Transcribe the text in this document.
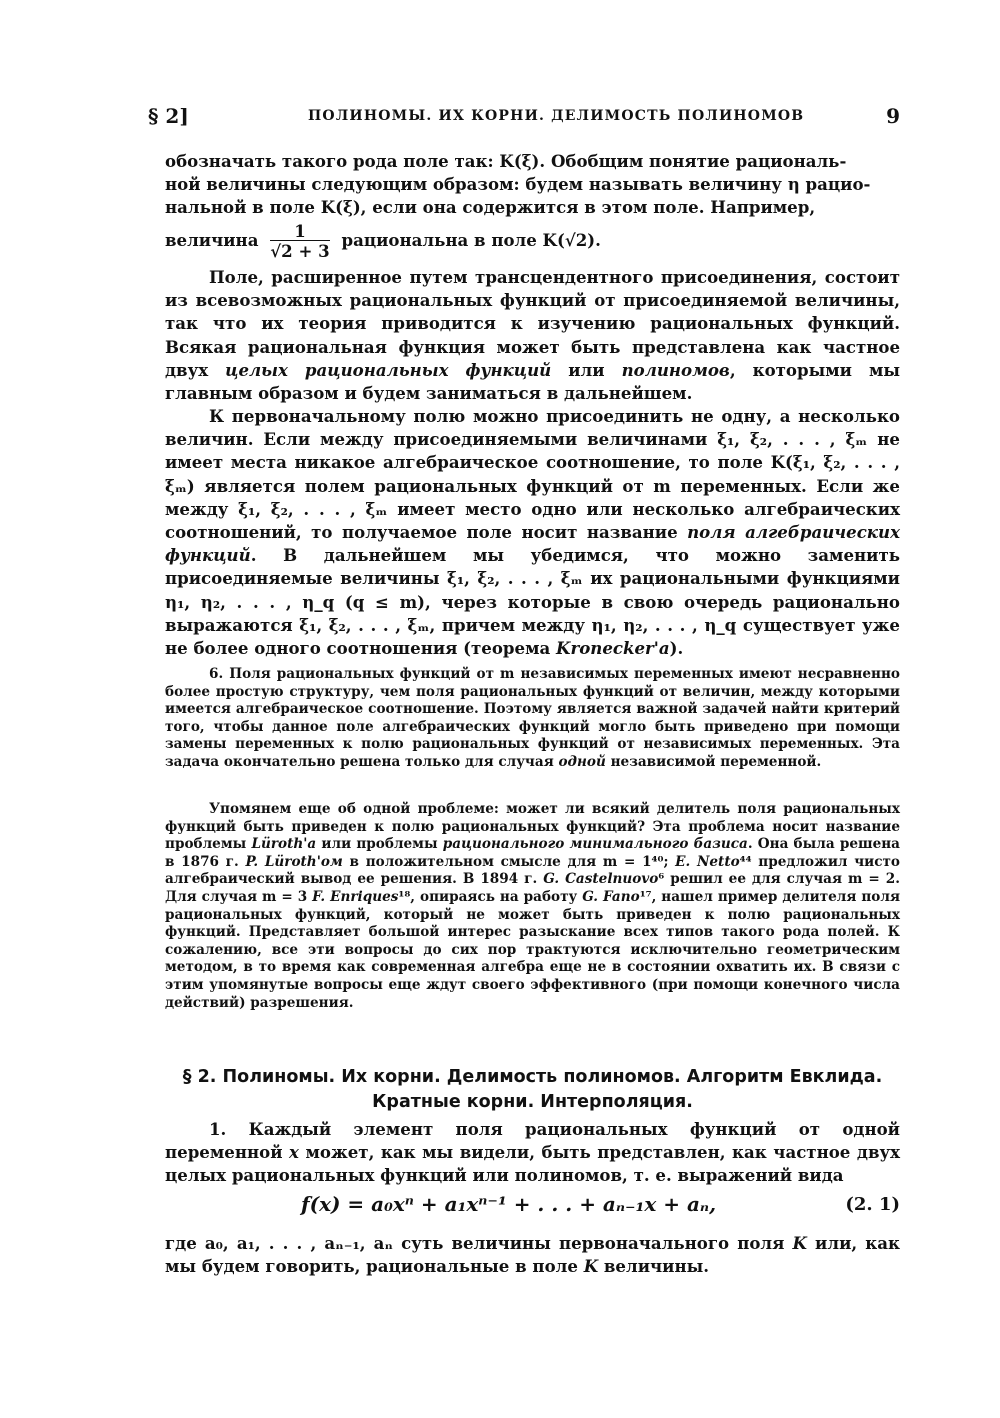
§ 2]	ПОЛИНОМЫ. ИХ КОРНИ. ДЕЛИМОСТЬ ПОЛИНОМОВ	9
обозначать такого рода поле так: K(ξ). Обобщим понятие рациональ-
ной величины следующим образом: будем называть величину η рацио-
нальной в поле K(ξ), если она содержится в этом поле. Например,
величина $\frac{1}{√2 + 3}$ рациональна в поле K(√2).
Поле, расширенное путем трансцендентного присоединения, состоит из всевозможных рациональных функций от присоединяемой величины, так что их теория приводится к изучению рациональных функций. Всякая рациональная функция может быть представлена как частное двух целых рациональных функций или полиномов, которыми мы главным образом и будем заниматься в дальнейшем.
К первоначальному полю можно присоединить не одну, а несколько величин. Если между присоединяемыми величинами ξ₁, ξ₂, . . . , ξₘ не имеет места никакое алгебраическое соотношение, то поле K(ξ₁, ξ₂, . . . , ξₘ) является полем рациональных функций от m переменных. Если же между ξ₁, ξ₂, . . . , ξₘ имеет место одно или несколько алгебраических соотношений, то получаемое поле носит название поля алгебраических функций. В дальнейшем мы убедимся, что можно заменить присоединяемые величины ξ₁, ξ₂, . . . , ξₘ их рациональными функциями η₁, η₂, . . . , η_q (q ≤ m), через которые в свою очередь рационально выражаются ξ₁, ξ₂, . . . , ξₘ, причем между η₁, η₂, . . . , η_q существует уже не более одного соотношения (теорема Kronecker'а).
6. Поля рациональных функций от m независимых переменных имеют несравненно более простую структуру, чем поля рациональных функций от величин, между которыми имеется алгебраическое соотношение. Поэтому является важной задачей найти критерий того, чтобы данное поле алгебраических функций могло быть приведено при помощи замены переменных к полю рациональных функций от независимых переменных. Эта задача окончательно решена только для случая одной независимой переменной.
Упомянем еще об одной проблеме: может ли всякий делитель поля рациональных функций быть приведен к полю рациональных функций? Эта проблема носит название проблемы Lüroth'а или проблемы рационального минимального базиса. Она была решена в 1876 г. P. Lüroth'ом в положительном смысле для m = 1⁴⁰; E. Netto⁴⁴ предложил чисто алгебраический вывод ее решения. В 1894 г. G. Castelnuovo⁶ решил ее для случая m = 2. Для случая m = 3 F. Enriques¹⁸, опираясь на работу G. Fano¹⁷, нашел пример делителя поля рациональных функций, который не может быть приведен к полю рациональных функций. Представляет большой интерес разыскание всех типов такого рода полей. К сожалению, все эти вопросы до сих пор трактуются исключительно геометрическим методом, в то время как современная алгебра еще не в состоянии охватить их. В связи с этим упомянутые вопросы еще ждут своего эффективного (при помощи конечного числа действий) разрешения.
§ 2. Полиномы. Их корни. Делимость полиномов. Алгоритм Евклида.
Кратные корни. Интерполяция.
1. Каждый элемент поля рациональных функций от одной переменной x может, как мы видели, быть представлен, как частное двух целых рациональных функций или полиномов, т. е. выражений вида
f(x) = a₀xⁿ + a₁xⁿ⁻¹ + . . . + aₙ₋₁x + aₙ,	(2. 1)
где a₀, a₁, . . . , aₙ₋₁, aₙ суть величины первоначального поля K или, как мы будем говорить, рациональные в поле K величины.
